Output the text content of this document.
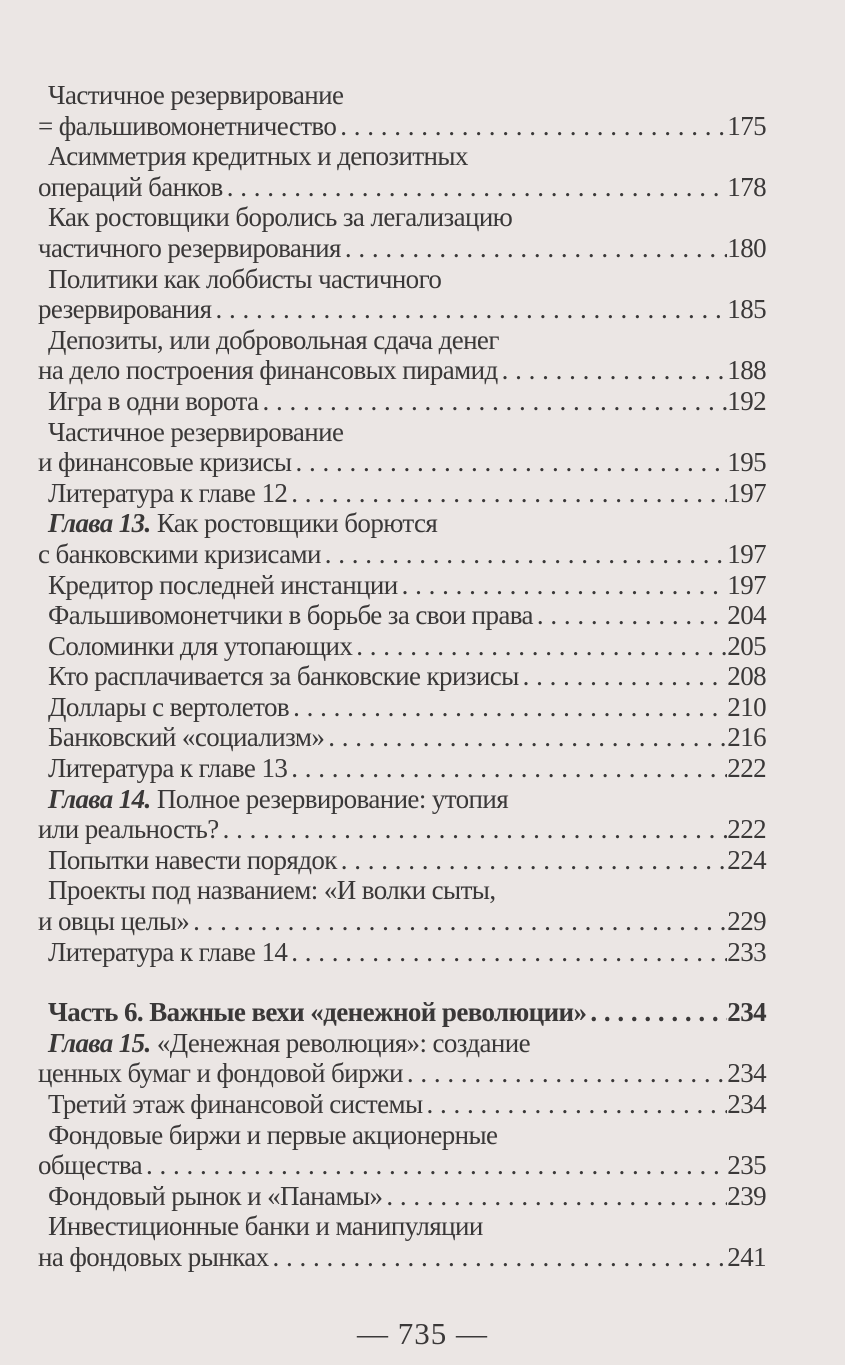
Частичное резервирование
= фальшивомонетничество . . .	175
Асимметрия кредитных и депозитных
операций банков . . .	178
Как ростовщики боролись за легализацию
частичного резервирования . . .	180
Политики как лоббисты частичного
резервирования . . .	185
Депозиты, или добровольная сдача денег
на дело построения финансовых пирамид . . .	188
Игра в одни ворота . . .	192
Частичное резервирование
и финансовые кризисы . . .	195
Литература к главе 12 . . .	197
Глава 13. Как ростовщики борются
с банковскими кризисами . . .	197
Кредитор последней инстанции . . .	197
Фальшивомонетчики в борьбе за свои права . . .	204
Соломинки для утопающих . . .	205
Кто расплачивается за банковские кризисы . . .	208
Доллары с вертолетов . . .	210
Банковский «социализм» . . .	216
Литература к главе 13 . . .	222
Глава 14. Полное резервирование: утопия
или реальность? . . .	222
Попытки навести порядок . . .	224
Проекты под названием: «И волки сыты,
и овцы целы» . . .	229
Литература к главе 14 . . .	233
Часть 6. Важные вехи «денежной революции» . . .	234
Глава 15. «Денежная революция»: создание
ценных бумаг и фондовой биржи . . .	234
Третий этаж финансовой системы . . .	234
Фондовые биржи и первые акционерные
общества . . .	235
Фондовый рынок и «Панамы» . . .	239
Инвестиционные банки и манипуляции
на фондовых рынках . . .	241
— 735 —
